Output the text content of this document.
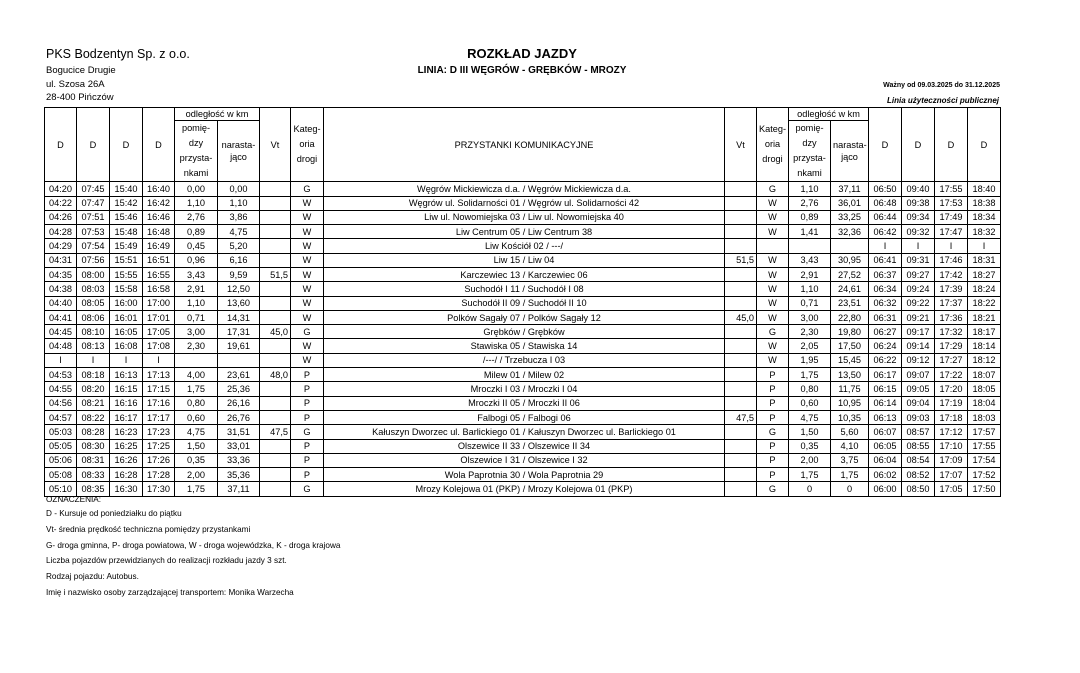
PKS Bodzentyn Sp. z o.o.
Bogucice Drugie
ul. Szosa 26A
28-400 Pińczów
ROZKŁAD JAZDY
LINIA: D III WĘGRÓW - GRĘBKÓW - MROZY
Ważny od 09.03.2025 do 31.12.2025
Linia użyteczności publicznej
D	D	D	D	odległość w km		Vt	Kateg-
oria
drogi	PRZYSTANKI KOMUNIKACYJNE	Vt	Kateg-
oria
drogi	odległość w km		D	D	D	D
				pomię-
dzy
przysta-
nkami	narasta-jąco						pomię-
dzy
przysta-
nkami	narasta-jąco				
04:20	07:45	15:40	16:40	0,00	0,00		G	Węgrów Mickiewicza d.a. / Węgrów Mickiewicza d.a.		G	1,10	37,11	06:50	09:40	17:55	18:40
04:22	07:47	15:42	16:42	1,10	1,10		W	Węgrów ul. Solidarności 01 / Węgrów ul. Solidarności 42		W	2,76	36,01	06:48	09:38	17:53	18:38
04:26	07:51	15:46	16:46	2,76	3,86		W	Liw ul. Nowomiejska 03 / Liw ul. Nowomiejska 40		W	0,89	33,25	06:44	09:34	17:49	18:34
04:28	07:53	15:48	16:48	0,89	4,75		W	Liw Centrum 05 / Liw Centrum 38		W	1,41	32,36	06:42	09:32	17:47	18:32
04:29	07:54	15:49	16:49	0,45	5,20		W	Liw Kościół 02 / ---/					I	I	I	I
04:31	07:56	15:51	16:51	0,96	6,16		W	Liw 15 / Liw 04	51,5	W	3,43	30,95	06:41	09:31	17:46	18:31
04:35	08:00	15:55	16:55	3,43	9,59	51,5	W	Karczewiec 13 / Karczewiec 06		W	2,91	27,52	06:37	09:27	17:42	18:27
04:38	08:03	15:58	16:58	2,91	12,50		W	Suchodół I 11 / Suchodół I 08		W	1,10	24,61	06:34	09:24	17:39	18:24
04:40	08:05	16:00	17:00	1,10	13,60		W	Suchodół II 09 / Suchodół II 10		W	0,71	23,51	06:32	09:22	17:37	18:22
04:41	08:06	16:01	17:01	0,71	14,31		W	Polków Sagały 07 / Polków Sagały 12	45,0	W	3,00	22,80	06:31	09:21	17:36	18:21
04:45	08:10	16:05	17:05	3,00	17,31	45,0	G	Grębków / Grębków		G	2,30	19,80	06:27	09:17	17:32	18:17
04:48	08:13	16:08	17:08	2,30	19,61		W	Stawiska 05 / Stawiska 14		W	2,05	17,50	06:24	09:14	17:29	18:14
I	I	I	I				W	/---/ / Trzebucza I 03		W	1,95	15,45	06:22	09:12	17:27	18:12
04:53	08:18	16:13	17:13	4,00	23,61	48,0	P	Milew 01 / Milew 02		P	1,75	13,50	06:17	09:07	17:22	18:07
04:55	08:20	16:15	17:15	1,75	25,36		P	Mroczki I 03 / Mroczki I 04		P	0,80	11,75	06:15	09:05	17:20	18:05
04:56	08:21	16:16	17:16	0,80	26,16		P	Mroczki II 05 / Mroczki II 06		P	0,60	10,95	06:14	09:04	17:19	18:04
04:57	08:22	16:17	17:17	0,60	26,76		P	Falbogi 05 / Falbogi 06	47,5	P	4,75	10,35	06:13	09:03	17:18	18:03
05:03	08:28	16:23	17:23	4,75	31,51	47,5	G	Kałuszyn Dworzec ul. Barlickiego 01 / Kałuszyn Dworzec ul. Barlickiego 01		G	1,50	5,60	06:07	08:57	17:12	17:57
05:05	08:30	16:25	17:25	1,50	33,01		P	Olszewice II 33 / Olszewice II 34		P	0,35	4,10	06:05	08:55	17:10	17:55
05:06	08:31	16:26	17:26	0,35	33,36		P	Olszewice I 31 / Olszewice I 32		P	2,00	3,75	06:04	08:54	17:09	17:54
05:08	08:33	16:28	17:28	2,00	35,36		P	Wola Paprotnia 30 / Wola Paprotnia 29		P	1,75	1,75	06:02	08:52	17:07	17:52
05:10	08:35	16:30	17:30	1,75	37,11		G	Mrozy Kolejowa 01 (PKP) / Mrozy Kolejowa 01 (PKP)		G	0	0	06:00	08:50	17:05	17:50
OZNACZENIA:
D - Kursuje od poniedziałku do piątku
Vt- średnia prędkość techniczna pomiędzy przystankami
G- droga gminna, P- droga powiatowa, W - droga wojewódzka, K - droga krajowa
Liczba pojazdów przewidzianych do realizacji rozkładu jazdy 3 szt.
Rodzaj pojazdu: Autobus.
Imię i nazwisko osoby zarządzającej transportem: Monika Warzecha
